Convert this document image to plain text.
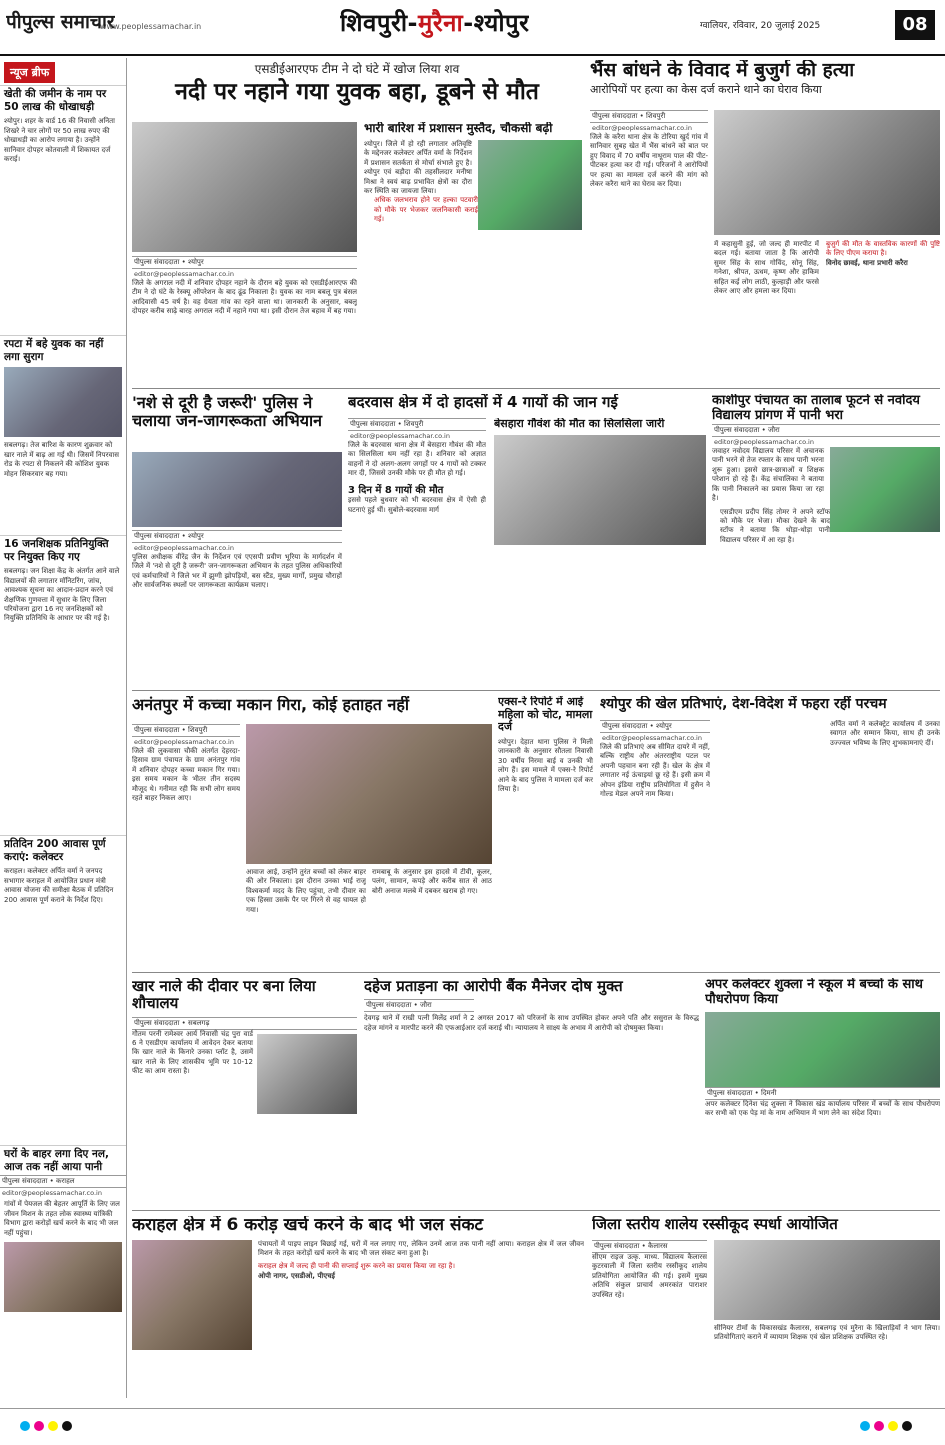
पीपुल्स समाचार
www.peoplessamachar.in	शिवपुरी-मुरैना-श्योपुर	ग्वालियर, रविवार, 20 जुलाई 2025	08
न्यूज ब्रीफ
खेती की जमीन के नाम पर 50 लाख की धोखाधड़ी
श्योपुर। शहर के वार्ड 16 की निवासी अनिता शिखरे ने चार लोगों पर 50 लाख रुपए की धोखाधड़ी का आरोप लगाया है। उन्होंने सानिवार दोपहर कोतवाली में शिकायत दर्ज कराई।
रपटा में बहे युवक का नहीं लगा सुराग
सबलगढ़। तेज बारिश के कारण शुक्रवार को खार नाले में बाढ़ आ गई थी। जिसमें निपरवास रोड के रपटा से निकलने की कोशिश युवक मोहन सिकरवार बह गया।
16 जनशिक्षक प्रतिनियुक्ति पर नियुक्त किए गए
सबलगढ़। जन शिक्षा केंद्र के अंतर्गत आने वाले विद्यालयों की लगातार मॉनिटरिंग, जांच, आवश्यक सूचना का आदान-प्रदान करने एवं शैक्षणिक गुणवत्ता में सुधार के लिए जिला परियोजना द्वारा 16 नए जनशिक्षकों को नियुक्ति प्रतिनिधि के आधार पर की गई है।
प्रतिदिन 200 आवास पूर्ण कराएं: कलेक्टर
कराहल। कलेक्टर अर्पित वर्मा ने जनपद सभागार कराहल में आयोजित प्रधान मंत्री आवास योजना की समीक्षा बैठक में प्रतिदिन 200 आवास पूर्ण कराने के निर्देश दिए।
घरों के बाहर लगा दिए नल, आज तक नहीं आया पानी
पीपुल्स संवाददाता • कराहल
editor@peoplessamachar.co.in
गांवों में पेयजल की बेहतर आपूर्ति के लिए जल जीवन मिशन के तहत लोक स्वास्थ्य यांत्रिकी विभाग द्वारा करोड़ों खर्च करने के बाद भी जल नहीं पहुंचा।
एसडीईआरएफ टीम ने दो घंटे में खोज लिया शव
नदी पर नहाने गया युवक बहा, डूबने से मौत
पीपुल्स संवाददाता • श्योपुर
editor@peoplessamachar.co.in
जिले के अगराल नदी में शनिवार दोपहर नहाने के दौरान बहे युवक को एसडीईआरएफ की टीम ने दो घंटे के रेस्क्यू ऑपरेशन के बाद ढूंढ निकाला है। युवक का नाम बबलू पुत्र बंसल आदिवासी 45 वर्ष है। वह ग्रेयता गांव का रहने वाला था। जानकारी के अनुसार, बबलू दोपहर करीब साढ़े बारह अगराल नदी में नहाने गया था। इसी दौरान तेज बहाव में बह गया।
भारी बारिश में प्रशासन मुस्तैद, चौकसी बढ़ी
श्योपुर। जिले में हो रही लगातार अतिवृष्टि के मद्देनजर कलेक्टर अर्पित वर्मा के निर्देशन में प्रशासन सतर्कता से मोर्चा संभाले हुए है। श्योपुर एवं बड़ौदा की तहसीलदार मनीषा मिश्रा ने स्वयं बाढ़ प्रभावित क्षेत्रों का दौरा कर स्थिति का जायजा लिया।
अधिक जलभराव होने पर हल्का पटवारी को मौके पर भेजकर जलनिकासी कराई गई।
भैंस बांधने के विवाद में बुजुर्ग की हत्या
आरोपियों पर हत्या का केस दर्ज कराने थाने का घेराव किया
पीपुल्स संवाददाता • शिवपुरी
editor@peoplessamachar.co.in
जिले के करैरा थाना क्षेत्र के टोरिया खुर्द गांव में सानिवार सुबह खेत में भैंस बांधने को बात पर हुए विवाद में 70 वर्षीय नाथूराम पाल की पीट-पीटकर हत्या कर दी गई। परिजनों ने आरोपियों पर हत्या का मामला दर्ज करने की मांग को लेकर करैरा थाने का घेराव कर दिया।
में कहासुनी हुई, जो जल्द ही मारपीट में बदल गई। बताया जाता है कि आरोपी सुमर सिंह के साथ गोविंद, सोनू सिंह, गनेशा, श्रीपत, ऊधम, कृष्ण और हाकिम सहित कई लोग लाठी, कुल्हाड़ी और फरसे लेकर आए और हमला कर दिया।
बुजुर्ग की मौत के वास्तविक कारणों की पुष्टि के लिए पीएम कराया है।
विनोद छावई, थाना प्रभारी करैरा
'नशे से दूरी है जरूरी' पुलिस ने चलाया जन-जागरूकता अभियान
पीपुल्स संवाददाता • श्योपुर
editor@peoplessamachar.co.in
पुलिस अधीक्षक वीरेंद्र जैन के निर्देशन एवं एएसपी प्रवीण भूरिया के मार्गदर्शन में जिले में 'नशे से दूरी है जरूरी' जन-जागरूकता अभियान के तहत पुलिस अधिकारियों एवं कर्मचारियों ने जिले भर में झुग्गी झोपड़ियों, बस स्टैंड, मुख्य मार्गों, प्रमुख चौराहों और सार्वजनिक स्थलों पर जागरूकता कार्यक्रम चलाए।
बदरवास क्षेत्र में दो हादसों में 4 गायों की जान गई
पीपुल्स संवाददाता • शिवपुरी
editor@peoplessamachar.co.in
जिले के बदरवास थाना क्षेत्र में बेसहारा गौवंश की मौत का सिलसिला थम नहीं रहा है। शनिवार को अज्ञात वाहनों ने दो अलग-अलग जगहों पर 4 गायों को टक्कर मार दी, जिससे उनकी मौके पर ही मौत हो गई।
3 दिन में 8 गायों की मौत
इससे पहले बुधवार को भी बदरवास क्षेत्र में ऐसी ही घटनाएं हुई थीं। सुबोले-बदरवास मार्ग
बेसहारा गौवंश की मौत का सिलसिला जारी
काशीपुर पंचायत का तालाब फूटने से नवोदय विद्यालय प्रांगण में पानी भरा
पीपुल्स संवाददाता • जौरा
editor@peoplessamachar.co.in
जवाहर नवोदय विद्यालय परिसर में अचानक पानी भरने से तेज रफ्तार के साथ पानी भरना शुरू हुआ। इससे छात्र-छात्राओं व शिक्षक परेशान हो रहे हैं। केंद्र संचालिका ने बताया कि पानी निकालने का प्रयास किया जा रहा है।
एसडीएम प्रदीप सिंह तोमर ने अपने स्टॉफ को मौके पर भेजा। मौका देखने के बाद स्टॉफ ने बताया कि थोड़ा-थोड़ा पानी विद्यालय परिसर में आ रहा है।
अनंतपुर में कच्चा मकान गिरा, कोई हताहत नहीं
पीपुल्स संवाददाता • शिवपुरी
editor@peoplessamachar.co.in
जिले की लुकवासा चौकी अंतर्गत देहरदा-हिसाव ग्राम पंचायत के ग्राम अनंतपुर गांव में शनिवार दोपहर कच्चा मकान गिर गया। इस समय मकान के भीतर तीन सदस्य मौजूद थे। गनीमत रही कि सभी लोग समय रहते बाहर निकल आए।
आवाज आई, उन्होंने तुरंत बच्चों को लेकर बाहर की ओर निकाला। इस दौरान उनका भाई राजू विश्वकर्मा मदद के लिए पहुंचा, तभी दीवार का एक हिस्सा उसके पैर पर गिरने से वह घायल हो गया।
रामबाबू के अनुसार इस हादसे में टीवी, कूलर, पलंग, सामान, कपड़े और करीब सात से आठ बोरी अनाज मलबे में दबकर खराब हो गए।
एक्स-रे रिपोर्ट में आई महिला को चोट, मामला दर्ज
श्योपुर। देहात थाना पुलिस ने मिली जानकारी के अनुसार सौतला निवासी 30 वर्षीय निरमा बाई व उनकी भी लोग हैं। इस मामले में एक्स-रे रिपोर्ट आने के बाद पुलिस ने मामला दर्ज कर लिया है।
श्योपुर की खेल प्रतिभाएं, देश-विदेश में फहरा रहीं परचम
पीपुल्स संवाददाता • श्योपुर
editor@peoplessamachar.co.in
जिले की प्रतिभाएं अब सीमित दायरे में नहीं, बल्कि राष्ट्रीय और अंतरराष्ट्रीय पटल पर अपनी पहचान बना रही हैं। खेल के क्षेत्र में लगातार नई ऊंचाइयां छू रहे हैं। इसी क्रम में ओपन इंडिया राष्ट्रीय प्रतियोगिता में हुसैन ने गोल्ड मेडल अपने नाम किया।
अर्पित वर्मा ने कलेक्ट्रेट कार्यालय में उनका स्वागत और सम्मान किया, साथ ही उनके उज्ज्वल भविष्य के लिए शुभकामनाएं दीं।
खार नाले की दीवार पर बना लिया शौचालय
पीपुल्स संवाददाता • सबलगढ़
गौतम परनी रामेश्वर आर्य निवासी चंद्र पुरा वार्ड 6 ने एसडीएम कार्यालय में आवेदन देकर बताया कि खार नाले के किनारे उनका प्लॉट है, उसमें खार नाले के लिए शासकीय भूमि पर 10-12 फीट का आम रास्ता है।
दहेज प्रताड़ना का आरोपी बैंक मैनेजर दोष मुक्त
पीपुल्स संवाददाता • जौरा
देवगढ़ थाने में राखी पत्नी मिलेंद्र शर्मा ने 2 अगस्त 2017 को परिजनों के साथ उपस्थित होकर अपने पति और ससुराल के विरुद्ध दहेज मांगने व मारपीट करने की एफआईआर दर्ज कराई थी। न्यायालय ने साक्ष्य के अभाव में आरोपी को दोषमुक्त किया।
अपर कलेक्टर शुक्ला ने स्कूल में बच्चों के साथ पौधरोपण किया
पीपुल्स संवाददाता • दिमनी
अपर कलेक्टर दिनेश चंद्र शुक्ला ने विकास खंड कार्यालय परिसर में बच्चों के साथ पौधरोपण कर सभी को एक पेड़ मां के नाम अभियान में भाग लेने का संदेश दिया।
कराहल क्षेत्र में 6 करोड़ खर्च करने के बाद भी जल संकट
पंचायतों में पाइप लाइन बिछाई गई, घरों में नल लगाए गए, लेकिन उनमें आज तक पानी नहीं आया। कराहल क्षेत्र में जल जीवन मिशन के तहत करोड़ों खर्च करने के बाद भी जल संकट बना हुआ है।
कराहल क्षेत्र में जल्द ही पानी की सप्लाई शुरू करने का प्रयास किया जा रहा है।
ओपी नागर, एसडीओ, पीएचई
जिला स्तरीय शालेय रस्सीकूद स्पर्धा आयोजित
पीपुल्स संवाददाता • कैलारस
सीएम राइज उत्कृ. माध्य. विद्यालय कैलारस कुटरवाली में जिला स्तरीय रस्सीकूद शालेय प्रतियोगिता आयोजित की गई। इसमें मुख्य अतिथि संकुल प्राचार्य अमरकांत पाराशर उपस्थित रहे।
सीनियर टीमों के विकासखंड कैलारस, सबलगढ़ एवं मुरैना के खिलाड़ियों ने भाग लिया। प्रतियोगिताएं कराने में व्यायाम शिक्षक एवं खेल प्रशिक्षक उपस्थित रहे।
